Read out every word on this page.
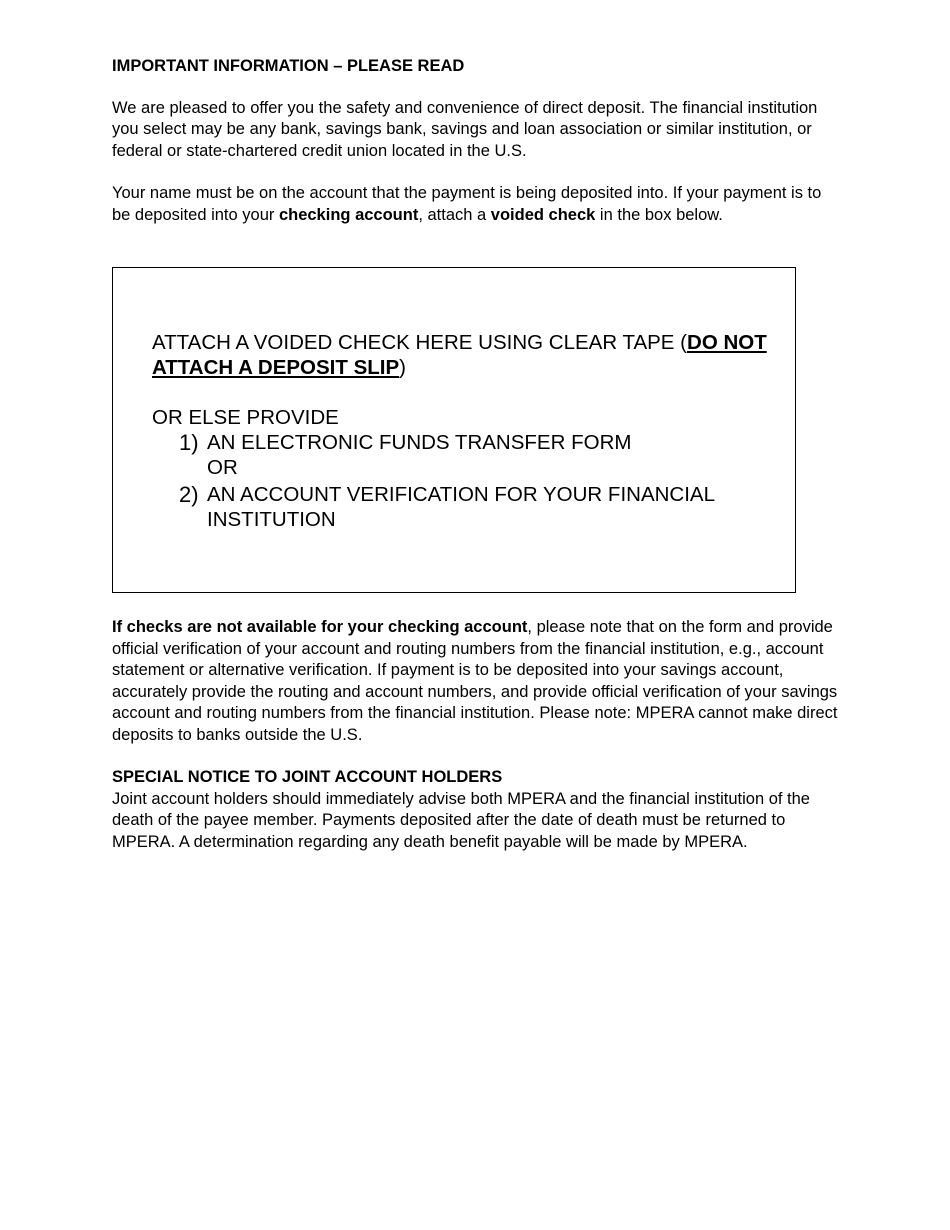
IMPORTANT INFORMATION – PLEASE READ

We are pleased to offer you the safety and convenience of direct deposit. The financial institution you select may be any bank, savings bank, savings and loan association or similar institution, or federal or state-chartered credit union located in the U.S.

Your name must be on the account that the payment is being deposited into. If your payment is to be deposited into your checking account, attach a voided check in the box below.

ATTACH A VOIDED CHECK HERE USING CLEAR TAPE (DO NOT ATTACH A DEPOSIT SLIP)
OR ELSE PROVIDE
1) AN ELECTRONIC FUNDS TRANSFER FORM
OR
2) AN ACCOUNT VERIFICATION FOR YOUR FINANCIAL INSTITUTION

If checks are not available for your checking account, please note that on the form and provide official verification of your account and routing numbers from the financial institution, e.g., account statement or alternative verification. If payment is to be deposited into your savings account, accurately provide the routing and account numbers, and provide official verification of your savings account and routing numbers from the financial institution. Please note: MPERA cannot make direct deposits to banks outside the U.S.

SPECIAL NOTICE TO JOINT ACCOUNT HOLDERS
Joint account holders should immediately advise both MPERA and the financial institution of the death of the payee member. Payments deposited after the date of death must be returned to MPERA. A determination regarding any death benefit payable will be made by MPERA.
